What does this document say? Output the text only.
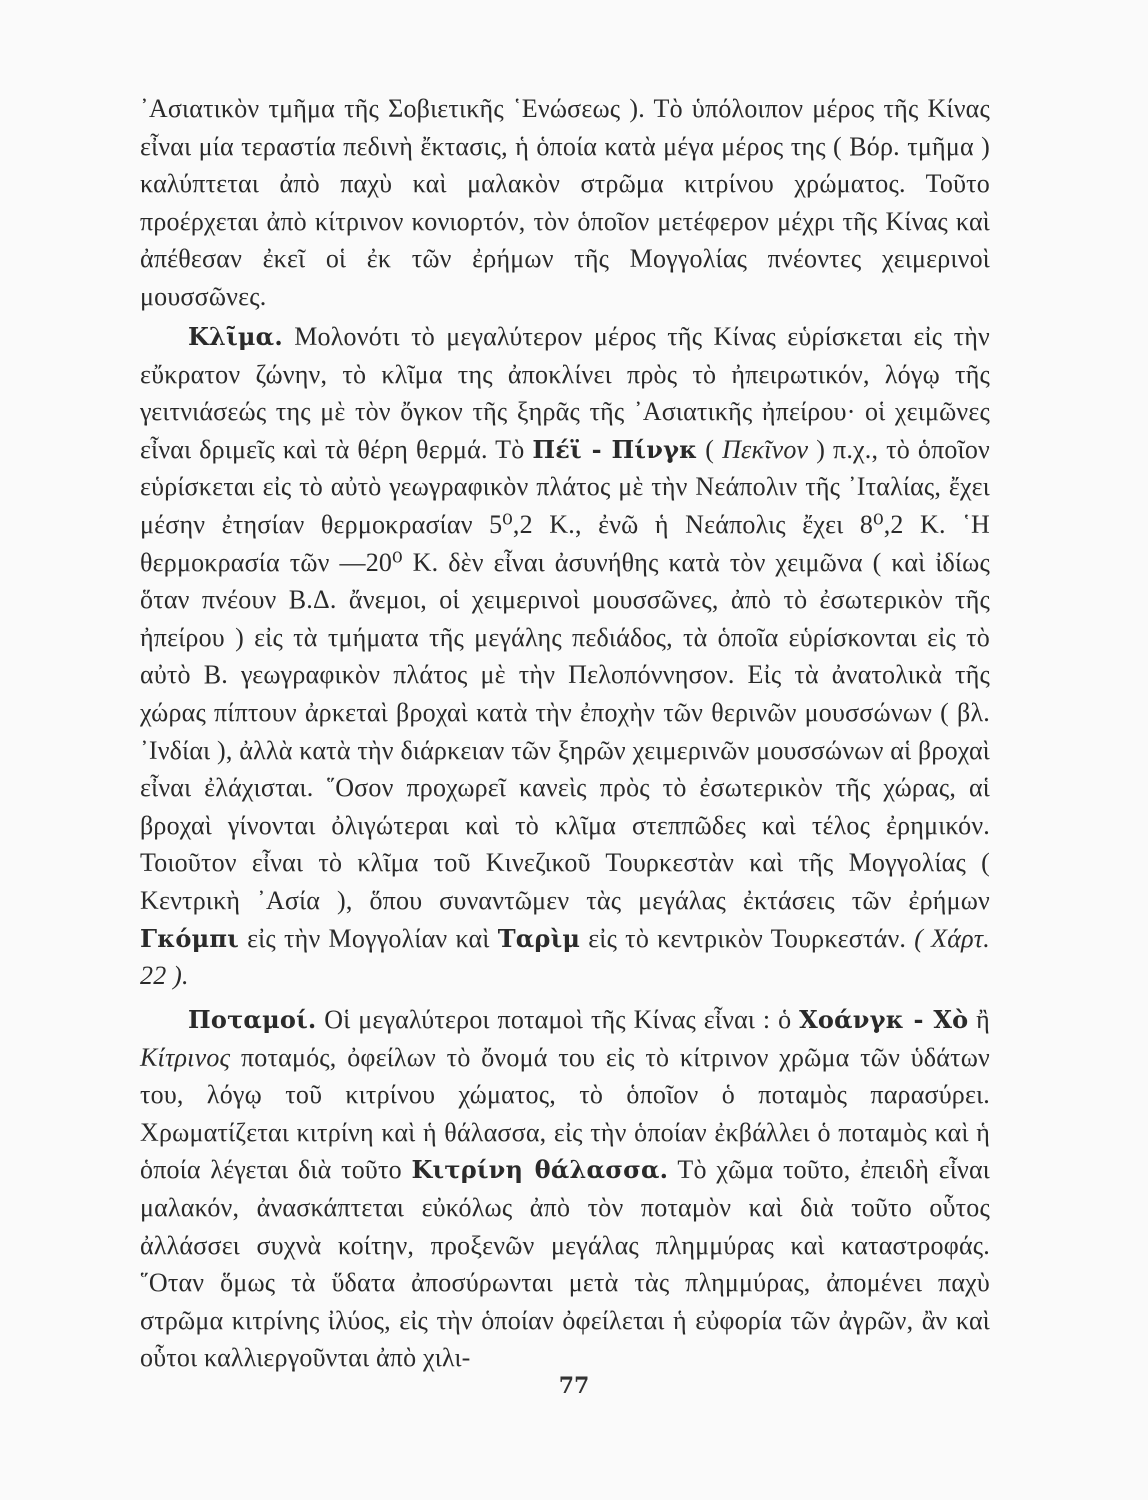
᾿Ασιατικὸν τμῆμα τῆς Σοβιετικῆς ῾Ενώσεως ). Τὸ ὑπόλοιπον μέρος τῆς Κίνας εἶναι μία τεραστία πεδινὴ ἔκτασις, ἡ ὁποία κατὰ μέγα μέρος της ( Βόρ. τμῆμα ) καλύπτεται ἀπὸ παχὺ καὶ μαλακὸν στρῶμα κιτρίνου χρώματος. Τοῦτο προέρχεται ἀπὸ κίτρινον κονιορτόν, τὸν ὁποῖον μετέφερον μέχρι τῆς Κίνας καὶ ἀπέθεσαν ἐκεῖ οἱ ἐκ τῶν ἐρήμων τῆς Μογγολίας πνέοντες χειμερινοὶ μουσσῶνες.

Κλῖμα. Μολονότι τὸ μεγαλύτερον μέρος τῆς Κίνας εὑρίσκεται εἰς τὴν εὔκρατον ζώνην, τὸ κλῖμα της ἀποκλίνει πρὸς τὸ ἠπειρωτικόν, λόγῳ τῆς γειτνιάσεώς της μὲ τὸν ὄγκον τῆς ξηρᾶς τῆς ᾿Ασιατικῆς ἠπείρου· οἱ χειμῶνες εἶναι δριμεῖς καὶ τὰ θέρη θερμά. Τὸ Πέϊ - Πίνγκ ( Πεκῖνον ) π.χ., τὸ ὁποῖον εὑρίσκεται εἰς τὸ αὐτὸ γεωγραφικὸν πλάτος μὲ τὴν Νεάπολιν τῆς ᾿Ιταλίας, ἔχει μέσην ἐτησίαν θερμοκρασίαν 5⁰,2 Κ., ἐνῶ ἡ Νεάπολις ἔχει 8⁰,2 Κ. ῾Η θερμοκρασία τῶν —20⁰ Κ. δὲν εἶναι ἀσυνήθης κατὰ τὸν χειμῶνα ( καὶ ἰδίως ὅταν πνέουν Β.Δ. ἄνεμοι, οἱ χειμερινοὶ μουσσῶνες, ἀπὸ τὸ ἐσωτερικὸν τῆς ἠπείρου ) εἰς τὰ τμήματα τῆς μεγάλης πεδιάδος, τὰ ὁποῖα εὑρίσκονται εἰς τὸ αὐτὸ Β. γεωγραφικὸν πλάτος μὲ τὴν Πελοπόννησον. Εἰς τὰ ἀνατολικὰ τῆς χώρας πίπτουν ἀρκεταὶ βροχαὶ κατὰ τὴν ἐποχὴν τῶν θερινῶν μουσσώνων ( βλ. ᾿Ινδίαι ), ἀλλὰ κατὰ τὴν διάρκειαν τῶν ξηρῶν χειμερινῶν μουσσώνων αἱ βροχαὶ εἶναι ἐλάχισται. ῞Οσον προχωρεῖ κανεὶς πρὸς τὸ ἐσωτερικὸν τῆς χώρας, αἱ βροχαὶ γίνονται ὀλιγώτεραι καὶ τὸ κλῖμα στεππῶδες καὶ τέλος ἐρημικόν. Τοιοῦτον εἶναι τὸ κλῖμα τοῦ Κινεζικοῦ Τουρκεστὰν καὶ τῆς Μογγολίας ( Κεντρικὴ ᾿Ασία ), ὅπου συναντῶμεν τὰς μεγάλας ἐκτάσεις τῶν ἐρήμων Γκόμπι εἰς τὴν Μογγολίαν καὶ Ταρὶμ εἰς τὸ κεντρικὸν Τουρκεστάν. ( Χάρτ. 22 ).

Ποταμοί. Οἱ μεγαλύτεροι ποταμοὶ τῆς Κίνας εἶναι : ὁ Χοάνγκ - Χὸ ἢ Κίτρινος ποταμός, ὀφείλων τὸ ὄνομά του εἰς τὸ κίτρινον χρῶμα τῶν ὑδάτων του, λόγῳ τοῦ κιτρίνου χώματος, τὸ ὁποῖον ὁ ποταμὸς παρασύρει. Χρωματίζεται κιτρίνη καὶ ἡ θάλασσα, εἰς τὴν ὁποίαν ἐκβάλλει ὁ ποταμὸς καὶ ἡ ὁποία λέγεται διὰ τοῦτο Κιτρίνη θάλασσα. Τὸ χῶμα τοῦτο, ἐπειδὴ εἶναι μαλακόν, ἀνασκάπτεται εὐκόλως ἀπὸ τὸν ποταμὸν καὶ διὰ τοῦτο οὗτος ἀλλάσσει συχνὰ κοίτην, προξενῶν μεγάλας πλημμύρας καὶ καταστροφάς. ῞Οταν ὅμως τὰ ὕδατα ἀποσύρωνται μετὰ τὰς πλημμύρας, ἀπομένει παχὺ στρῶμα κιτρίνης ἰλύος, εἰς τὴν ὁποίαν ὀφείλεται ἡ εὐφορία τῶν ἀγρῶν, ἂν καὶ οὗτοι καλλιεργοῦνται ἀπὸ χιλι-

77
